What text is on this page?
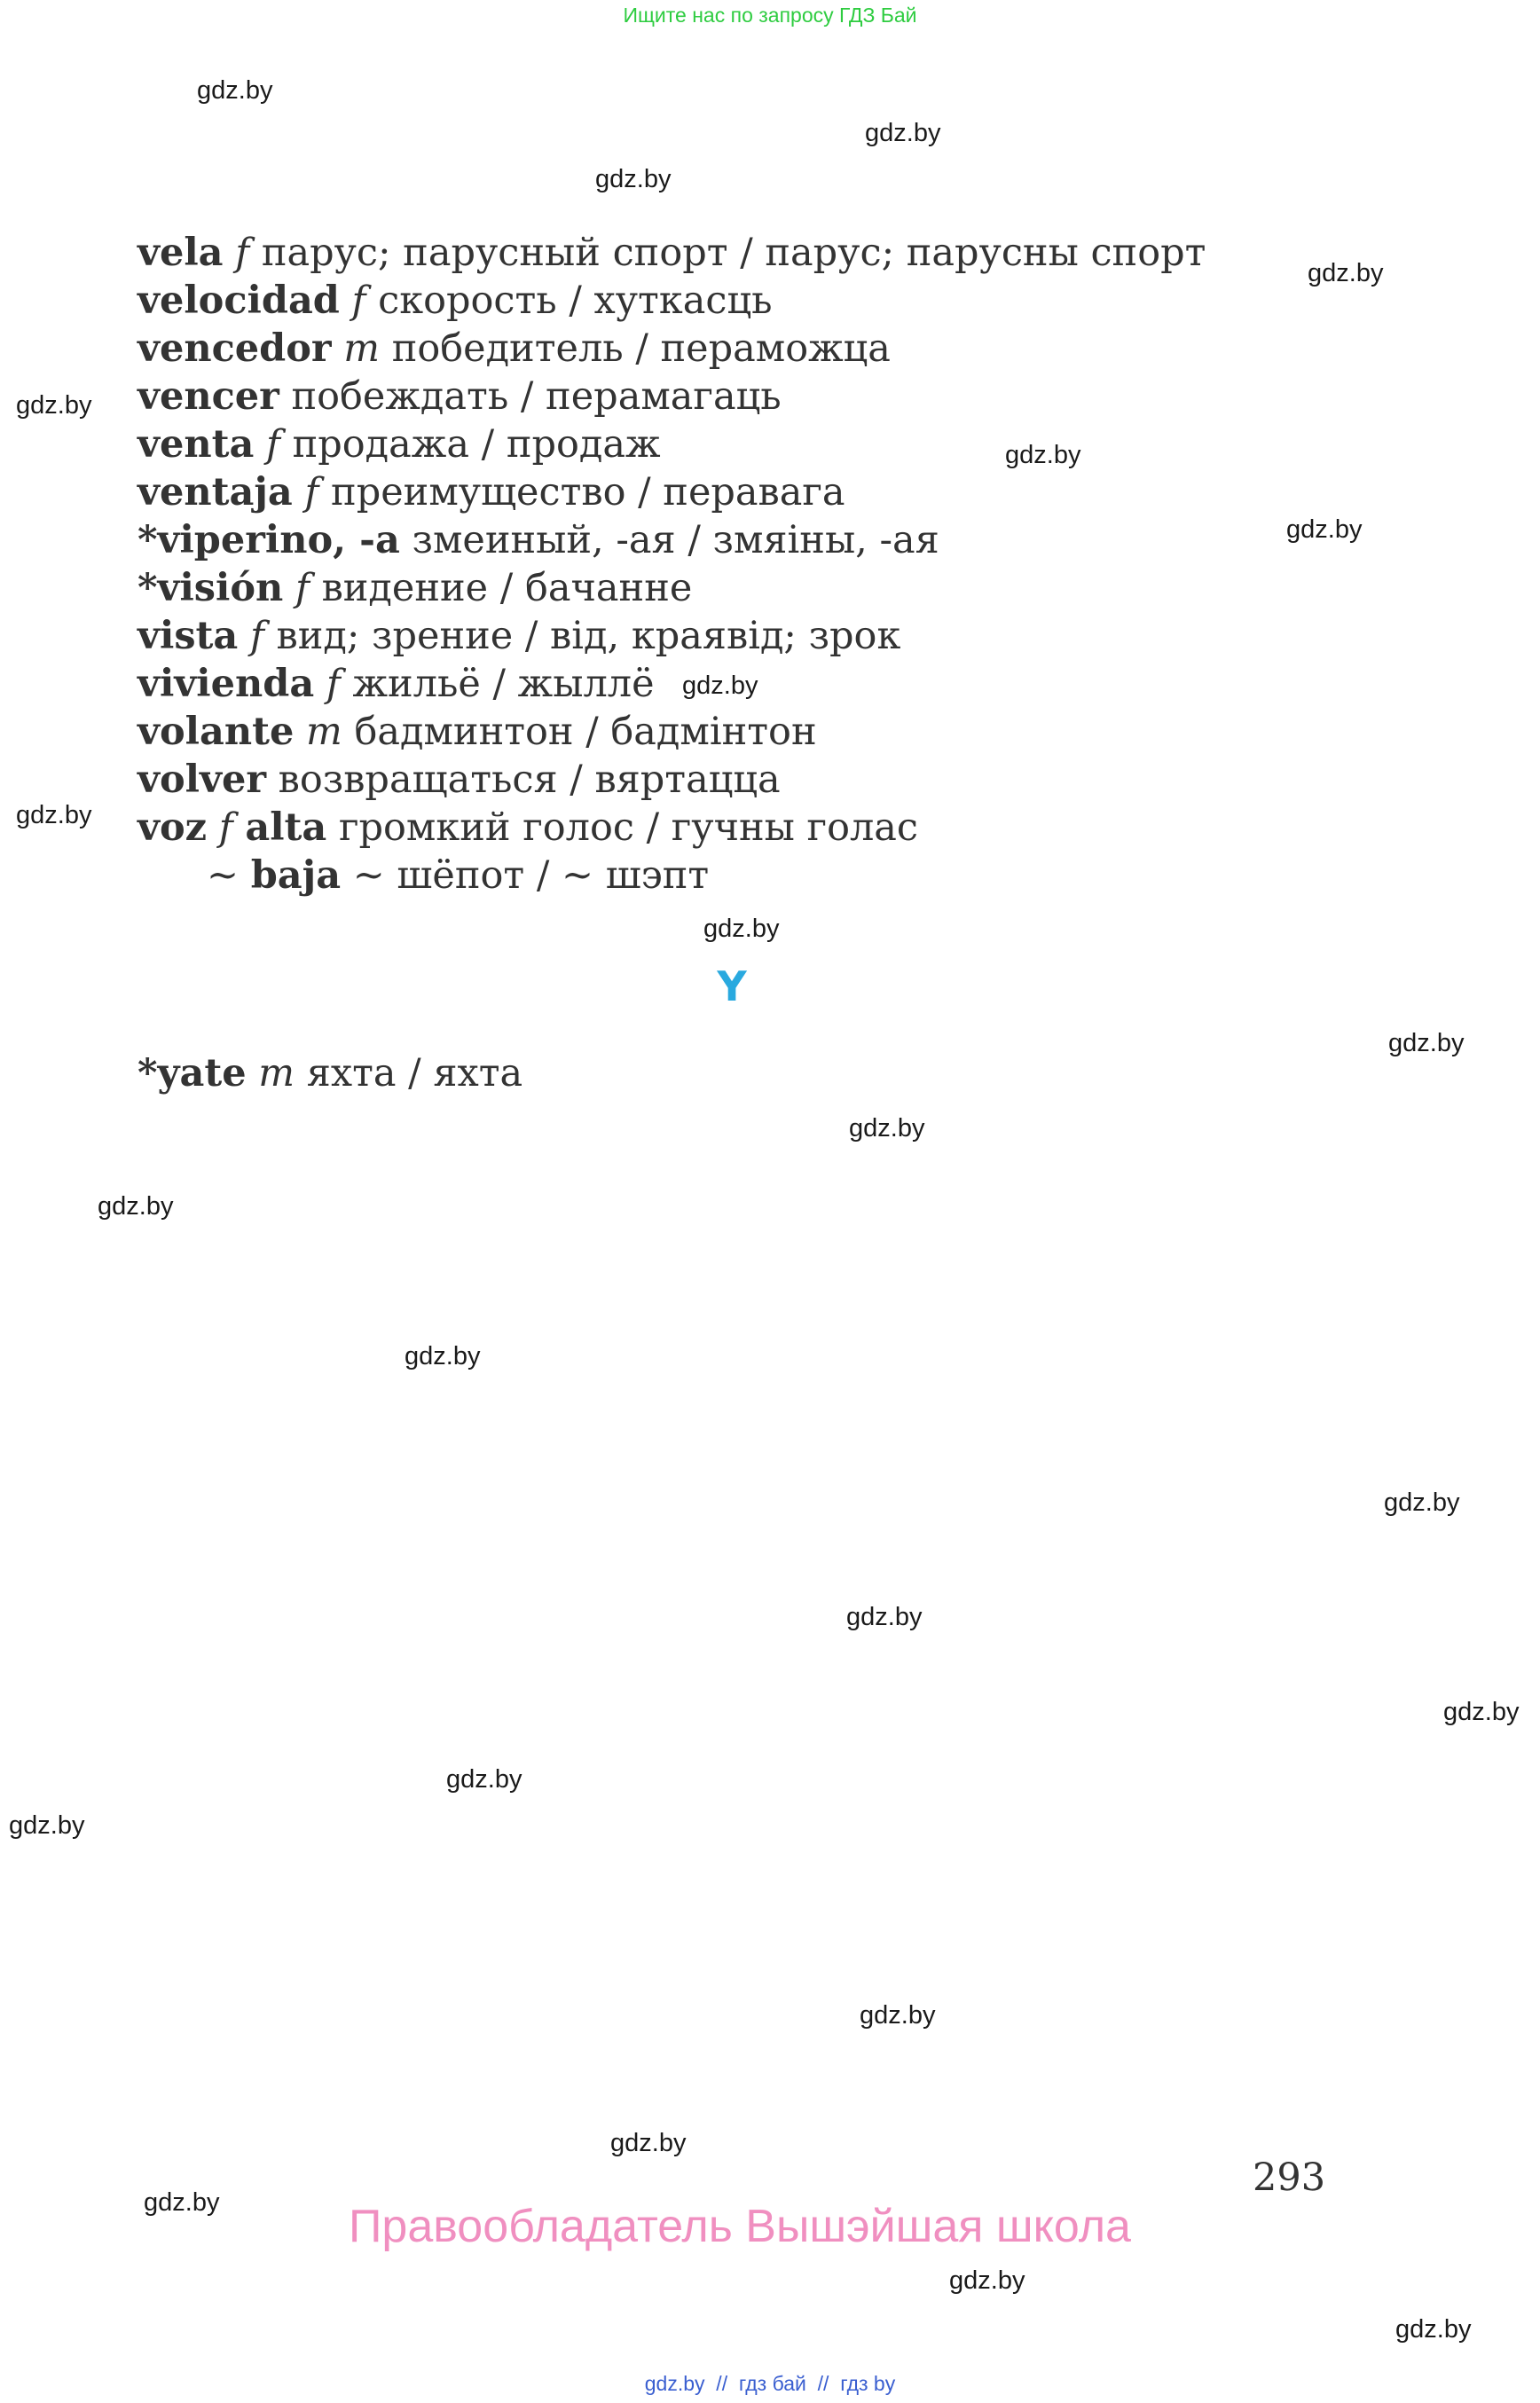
Ищите нас по запросу ГДЗ Бай
gdz.by
gdz.by
gdz.by
gdz.by
gdz.by
gdz.by
gdz.by
gdz.by
gdz.by
gdz.by
gdz.by
gdz.by
gdz.by
gdz.by
gdz.by
gdz.by
gdz.by
gdz.by
gdz.by
gdz.by
gdz.by
gdz.by
gdz.by
gdz.by
vela f парус; парусный спорт / парус; парусны спорт
velocidad f скорость / хуткасць
vencedor m победитель / пераможца
vencer побеждать / перамагаць
venta f продажа / продаж
ventaja f преимущество / перавага
*viperino, -a змеиный, -ая / змяіны, -ая
*visión f видение / бачанне
vista f вид; зрение / від, краявід; зрок
vivienda f жильё / жыллё
volante m бадминтон / бадмінтон
volver возвращаться / вяртацца
voz f alta громкий голос / гучны голас
~ baja ~ шёпот / ~ шэпт
Y
*yate m яхта / яхта
293
Правообладатель Вышэйшая школа
gdz.by  //  гдз бай  //  гдз by
